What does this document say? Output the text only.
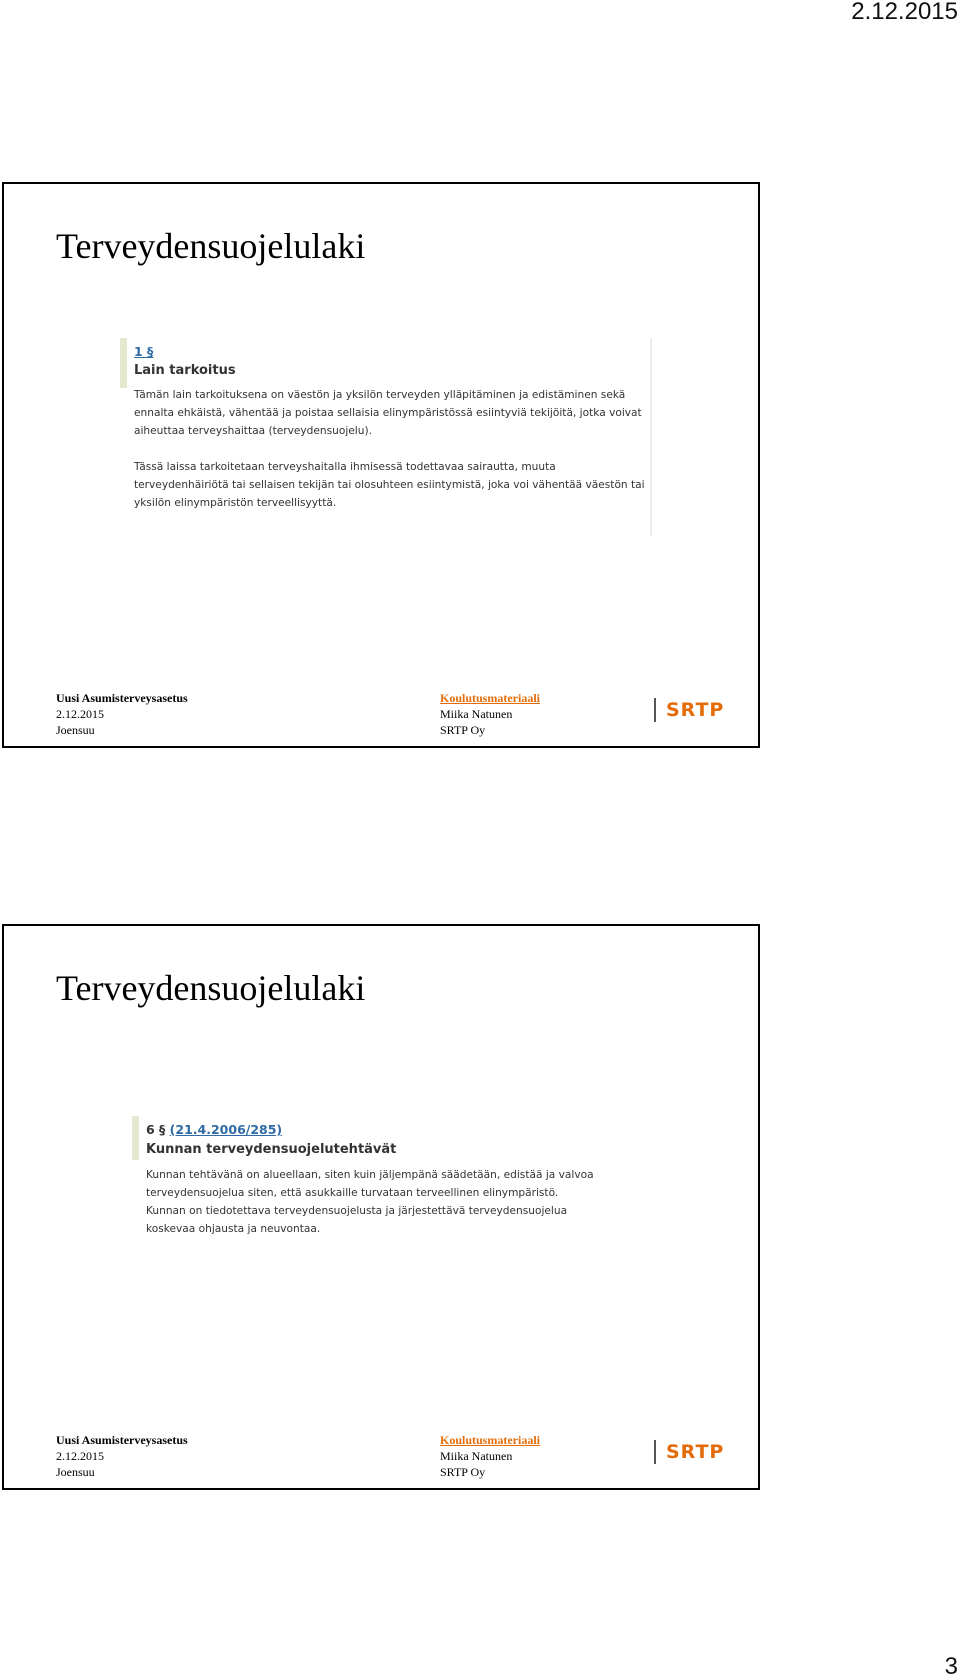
2.12.2015
Terveydensuojelulaki
1 §
Lain tarkoitus

Tämän lain tarkoituksena on väestön ja yksilön terveyden ylläpitäminen ja edistäminen sekä ennalta ehkäistä, vähentää ja poistaa sellaisia elinympäristössä esiintyviä tekijöitä, jotka voivat aiheuttaa terveyshaittaa (terveydensuojelu).

Tässä laissa tarkoitetaan terveyshaitalla ihmisessä todettavaa sairautta, muuta terveydenhäiriötä tai sellaisen tekijän tai olosuhteen esiintymistä, joka voi vähentää väestön tai yksilön elinympäristön terveellisyyttä.

Uusi Asumisterveysasetus
2.12.2015
Joensuu
Koulutusmateriaali
Miika Natunen
SRTP Oy
SRTP
Terveydensuojelulaki
6 § (21.4.2006/285)
Kunnan terveydensuojelutehtävät

Kunnan tehtävänä on alueellaan, siten kuin jäljempänä säädetään, edistää ja valvoa terveydensuojelua siten, että asukkaille turvataan terveellinen elinympäristö. Kunnan on tiedotettava terveydensuojelusta ja järjestettävä terveydensuojelua koskevaa ohjausta ja neuvontaa.

Uusi Asumisterveysasetus
2.12.2015
Joensuu
Koulutusmateriaali
Miika Natunen
SRTP Oy
SRTP
3
